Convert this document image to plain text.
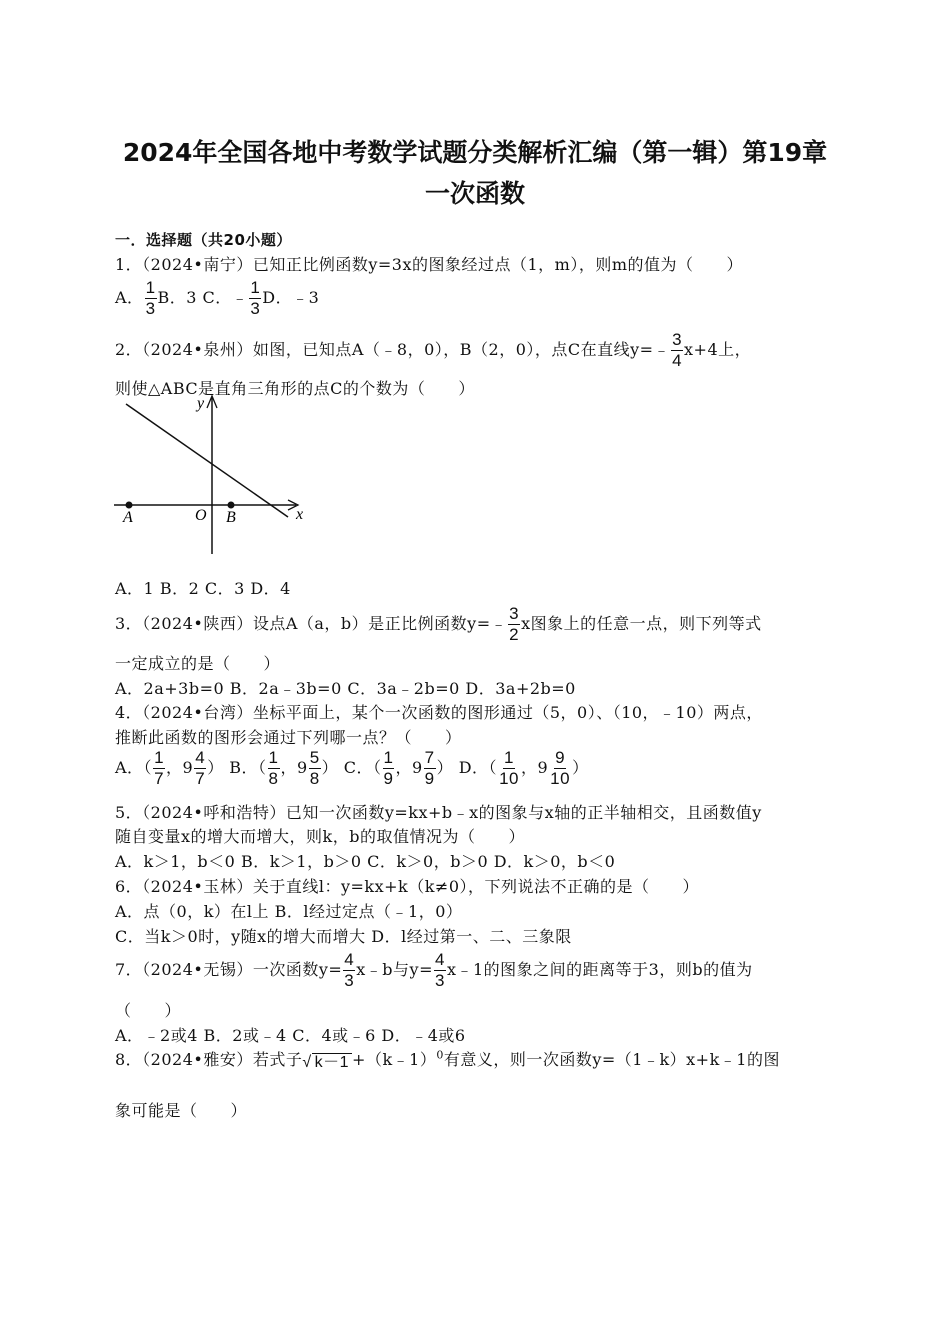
2024年全国各地中考数学试题分类解析汇编（第一辑）第19章
一次函数
一．选择题（共20小题）
1．（2024•南宁）已知正比例函数y=3x的图象经过点（1，m），则m的值为（　　）
A． $\frac{1}{3}$ B．3 C．﹣ $\frac{1}{3}$ D．﹣3
2．（2024•泉州）如图，已知点A（﹣8，0），B（2，0），点C在直线y=﹣ $\frac{3}{4} x+4$上，
则使△ABC是直角三角形的点C的个数为（　　）
y
x
O
A	B
A．1 B．2 C．3 D．4
3．（2024•陕西）设点A（a，b）是正比例函数y=﹣ $\frac{3}{2}$ x图象上的任意一点，则下列等式
一定成立的是（　　）
A．2a+3b=0 B．2a﹣3b=0 C．3a﹣2b=0 D．3a+2b=0
4．（2024•台湾）坐标平面上，某个一次函数的图形通过（5，0）、（10，﹣10）两点，
推断此函数的图形会通过下列哪一点？（　　）
A．（ $\frac{1}{7}$ ，$9 \frac{4}{7}$ ） B．（ $\frac{1}{8}$ ，$9 \frac{5}{8}$ ） C．（ $\frac{1}{9}$ ，$9 \frac{7}{9}$ ） D．（ $\frac{1}{10}$ ，$9 \frac{9}{10}$ ）
5．（2024•呼和浩特）已知一次函数y=kx+b﹣x的图象与x轴的正半轴相交，且函数值y
随自变量x的增大而增大，则k，b的取值情况为（　　）
A．k＞1，b＜0 B．k＞1，b＞0 C．k＞0，b＞0 D．k＞0，b＜0
6．（2024•玉林）关于直线l：y=kx+k（k≠0），下列说法不正确的是（　　）
A．点（0，k）在l上 B．l经过定点（﹣1，0）
C．当k＞0时，y随x的增大而增大 D．l经过第一、二、三象限
7．（2024•无锡）一次函数$y= \frac{4}{3}$ x﹣b与$y= \frac{4}{3}$ x﹣1的图象之间的距离等于3，则b的值为
（　　）
A．﹣2或4 B．2或﹣4 C．4或﹣6 D．﹣4或6
8．（2024•雅安）若式子√ k－1 +（k﹣1）$^0$有意义，则一次函数y=（1﹣k）x+k﹣1的图
象可能是（　　）
